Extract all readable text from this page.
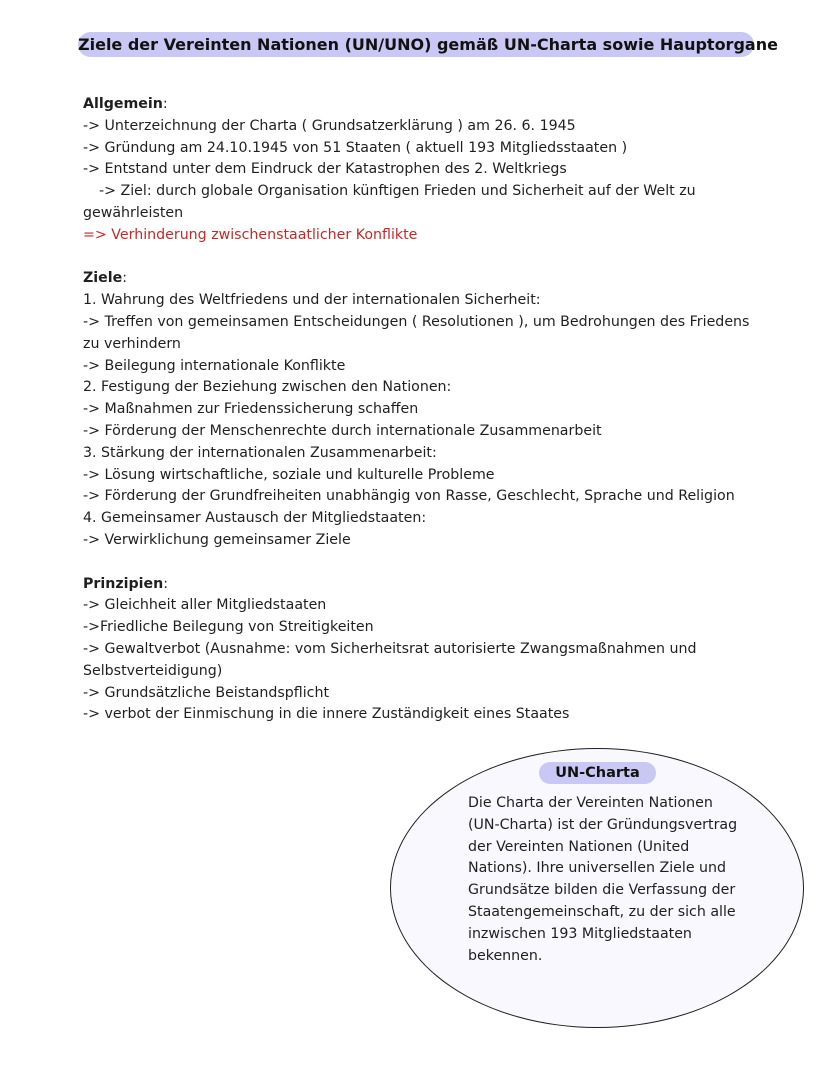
Ziele der Vereinten Nationen (UN/UNO) gemäß UN-Charta sowie Hauptorgane
Allgemein:
-> Unterzeichnung der Charta ( Grundsatzerklärung ) am 26. 6. 1945
-> Gründung am 24.10.1945 von 51 Staaten ( aktuell 193 Mitgliedsstaaten )
-> Entstand unter dem Eindruck der Katastrophen des 2. Weltkriegs
-> Ziel: durch globale Organisation künftigen Frieden und Sicherheit auf der Welt zu
gewährleisten
=> Verhinderung zwischenstaatlicher Konflikte
Ziele:
1. Wahrung des Weltfriedens und der internationalen Sicherheit:
-> Treffen von gemeinsamen Entscheidungen ( Resolutionen ), um Bedrohungen des Friedens
zu verhindern
-> Beilegung internationale Konflikte
2. Festigung der Beziehung zwischen den Nationen:
-> Maßnahmen zur Friedenssicherung schaffen
-> Förderung der Menschenrechte durch internationale Zusammenarbeit
3. Stärkung der internationalen Zusammenarbeit:
-> Lösung wirtschaftliche, soziale und kulturelle Probleme
-> Förderung der Grundfreiheiten unabhängig von Rasse, Geschlecht, Sprache und Religion
4. Gemeinsamer Austausch der Mitgliedstaaten:
-> Verwirklichung gemeinsamer Ziele
Prinzipien:
-> Gleichheit aller Mitgliedstaaten
->Friedliche Beilegung von Streitigkeiten
-> Gewaltverbot (Ausnahme: vom Sicherheitsrat autorisierte Zwangsmaßnahmen und
Selbstverteidigung)
-> Grundsätzliche Beistandspflicht
-> verbot der Einmischung in die innere Zuständigkeit eines Staates
UN-Charta
Die Charta der Vereinten Nationen
(UN-Charta) ist der Gründungsvertrag
der Vereinten Nationen (United
Nations). Ihre universellen Ziele und
Grundsätze bilden die Verfassung der
Staatengemeinschaft, zu der sich alle
inzwischen 193 Mitgliedstaaten
bekennen.
